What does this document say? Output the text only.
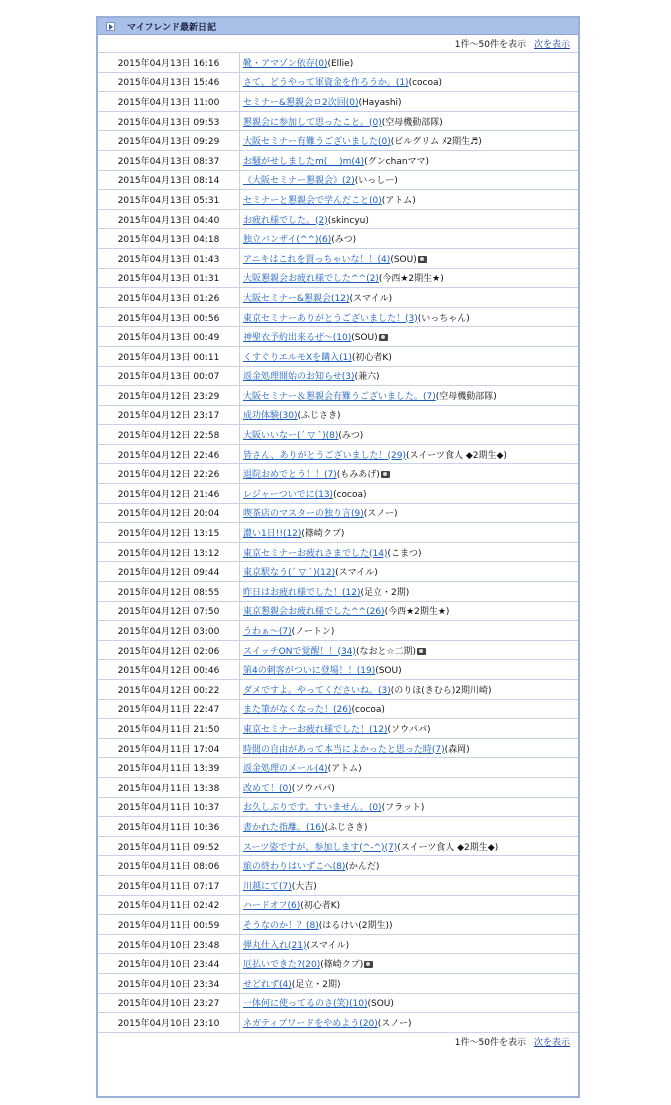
マイフレンド最新日記
1件～50件を表示 次を表示
2015年04月13日 16:16	靴・アマゾン依存(0)(Ellie)
2015年04月13日 15:46	さて、どうやって軍資金を作ろうか。(1)(cocoa)
2015年04月13日 11:00	セミナー&懇親会ロ2次回(0)(Hayashi)
2015年04月13日 09:53	懇親会に参加して思ったこと。(0)(空母機動部隊)
2015年04月13日 09:29	大阪セミナー有難うございました(0)(ビルグリム ﾒ2期生♬)
2015年04月13日 08:37	お騒がせしましたm(_ _)m(4)(グンchanママ)
2015年04月13日 08:14	《大阪セミナー懇親会》(2)(いっしー)
2015年04月13日 05:31	セミナーと懇親会で学んだこと(0)(アトム)
2015年04月13日 04:40	お疲れ様でした。(2)(skincyu)
2015年04月13日 04:18	独立バンザイ(^^)(6)(みつ)
2015年04月13日 01:43	アニキはこれを買っちゃいな！！(4)(SOU)
2015年04月13日 01:31	大阪懇親会お疲れ様でした^^(2)(今西★2期生★)
2015年04月13日 01:26	大阪セミナー&懇親会(12)(スマイル)
2015年04月13日 00:56	東京セミナーありがとうございました！(3)(いっちゃん)
2015年04月13日 00:49	神聖衣予約出来るぜ～(10)(SOU)
2015年04月13日 00:11	くすぐりエルモXを購入(1)(初心者K)
2015年04月13日 00:07	返金処理開始のお知らせ(3)(兼六)
2015年04月12日 23:29	大阪セミナー＆懇親会有難うございました。(7)(空母機動部隊)
2015年04月12日 23:17	成功体験(30)(ふじさき)
2015年04月12日 22:58	大阪いいなー(´ ▽ `)(8)(みつ)
2015年04月12日 22:46	皆さん、ありがとうございました！(29)(スイーツ食人 ◆2期生◆)
2015年04月12日 22:26	退院おめでとう！！(7)(もみあげ)
2015年04月12日 21:46	レジャーついでに(13)(cocoa)
2015年04月12日 20:04	喫茶店のマスターの独り言(9)(スノー)
2015年04月12日 13:15	濃い1日!!(12)(篠崎クブ)
2015年04月12日 13:12	東京セミナーお疲れさまでした(14)(こまつ)
2015年04月12日 09:44	東京駅なう(´ ▽ `)(12)(スマイル)
2015年04月12日 08:55	昨日はお疲れ様でした！(12)(足立・2期)
2015年04月12日 07:50	東京懇親会お疲れ様でした^^(26)(今西★2期生★)
2015年04月12日 03:00	うわぁ～(7)(ノートン)
2015年04月12日 02:06	スイッチONで覚醒！！(34)(なおと☆二期)
2015年04月12日 00:46	第4の刺客がついに登場！！(19)(SOU)
2015年04月12日 00:22	ダメですよ。やってくださいね。(3)(のりほ(きむら)2期川崎)
2015年04月11日 22:47	また筆がなくなった！(26)(cocoa)
2015年04月11日 21:50	東京セミナーお疲れ様でした！(12)(ソウパパ)
2015年04月11日 17:04	時間の自由があって本当によかったと思った時(7)(森岡)
2015年04月11日 13:39	返金処理のメール(4)(アトム)
2015年04月11日 13:38	改めて！(0)(ソウパパ)
2015年04月11日 10:37	お久しぶりです。すいません。(0)(フラット)
2015年04月11日 10:36	書かれた指離。(16)(ふじさき)
2015年04月11日 09:52	スーツ姿ですが、参加します(^-^)(7)(スイーツ食人 ◆2期生◆)
2015年04月11日 08:06	旅の終わりはいずこへ(8)(かんだ)
2015年04月11日 07:17	川越にて(7)(大吉)
2015年04月11日 02:42	ハードオフ(6)(初心者K)
2015年04月11日 00:59	そうなのか！？(8)(はるけい(2期生))
2015年04月10日 23:48	弾丸仕入れ(21)(スマイル)
2015年04月10日 23:44	厄払いできた?(20)(篠崎クブ)
2015年04月10日 23:34	せどれず(4)(足立・2期)
2015年04月10日 23:27	一体何に使ってるのさ(笑)(10)(SOU)
2015年04月10日 23:10	ネガティブワードをやめよう(20)(スノー)
1件～50件を表示 次を表示
